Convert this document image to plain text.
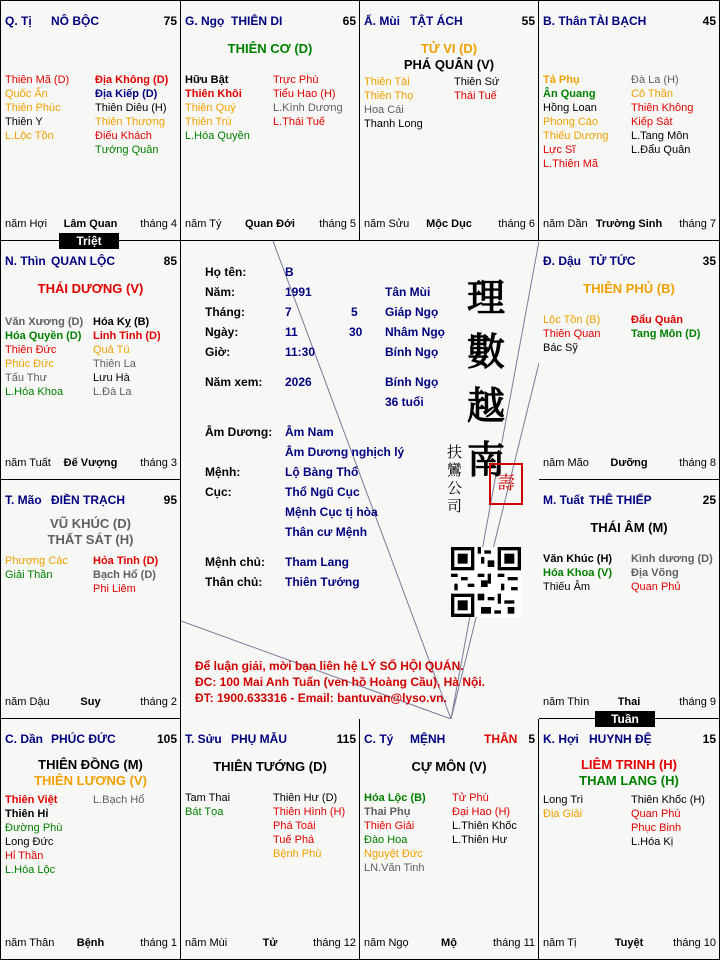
Q. Tị NÔ BỘC	75
Thiên Mã (D)
Quốc Ấn
Thiên Phúc
Thiên Y
L.Lộc Tồn
Địa Không (D)
Địa Kiếp (D)
Thiên Diêu (H)
Thiên Thương
Điếu Khách
Tướng Quân
năm Hợi	Lâm Quan	tháng 4
G. Ngọ THIÊN DI	65
THIÊN CƠ (D)
Hữu Bật
Thiên Khôi
Thiên Quý
Thiên Trù
L.Hóa Quyền
Trực Phù
Tiểu Hao (H)
L.Kình Dương
L.Thái Tuế
năm Tý	Quan Đới	tháng 5
Ấ. Mùi TẬT ÁCH	55
TỬ VI (D)
PHÁ QUÂN (V)
Thiên Tài
Thiên Thọ
Hoa Cái
Thanh Long
Thiên Sứ
Thái Tuế
năm Sửu	Mộc Dục	tháng 6
B. Thân TÀI BẠCH	45
Tả Phụ
Ân Quang
Hồng Loan
Phong Cáo
Thiếu Dương
Lực Sĩ
L.Thiên Mã
Đà La (H)
Cô Thần
Thiên Không
Kiếp Sát
L.Tang Môn
L.Đẩu Quân
năm Dần Trường Sinh	tháng 7
N. Thìn QUAN LỘC	85
THÁI DƯƠNG (V)
Văn Xương (D)
Hóa Quyền (D)
Thiên Đức
Phúc Đức
Tấu Thư
L.Hóa Khoa
Hóa Kỵ (B)
Linh Tinh (D)
Quả Tú
Thiên La
Lưu Hà
L.Đà La
năm Tuất	Đế Vượng	tháng 3
Triệt
Đ. Dậu TỬ TỨC	35
THIÊN PHỦ (B)
Lộc Tồn (B)
Thiên Quan
Bác Sỹ
Đẩu Quân
Tang Môn (D)
năm Mão	Dưỡng	tháng 8
T. Mão ĐIỀN TRẠCH	95
VŨ KHÚC (D)
THẤT SÁT (H)
Phượng Các
Giải Thần
Hỏa Tinh (D)
Bạch Hổ (D)
Phi Liêm
năm Dậu	Suy	tháng 2
M. Tuất THÊ THIẾP	25
THÁI ÂM (M)
Văn Khúc (H)
Hóa Khoa (V)
Thiếu Âm
Kình dương (D)
Địa Võng
Quan Phủ
năm Thìn	Thai	tháng 9
Tuần
C. Dần PHÚC ĐỨC	105
THIÊN ĐỒNG (M)
THIÊN LƯƠNG (V)
Thiên Việt
Thiên Hỉ
Đường Phù
Long Đức
Hỉ Thần
L.Hóa Lộc
L.Bạch Hổ
năm Thân	Bệnh	tháng 1
T. Sửu PHỤ MẪU	115
THIÊN TƯỚNG (D)
Tam Thai
Bát Tọa
Thiên Hư (D)
Thiên Hình (H)
Phá Toái
Tuế Phá
Bệnh Phù
năm Mùi	Tử	tháng 12
C. Tý MỆNH	THÂN 5
CỰ MÔN (V)
Hóa Lộc (B)
Thai Phụ
Thiên Giải
Đào Hoa
Nguyệt Đức
LN.Văn Tinh
Tử Phù
Đại Hao (H)
L.Thiên Khốc
L.Thiên Hư
năm Ngọ	Mộ	tháng 11
K. Hợi HUYNH ĐỆ	15
LIÊM TRINH (H)
THAM LANG (H)
Long Trì
Địa Giải
Thiên Khốc (H)
Quan Phù
Phục Binh
L.Hóa Kị
năm Tị	Tuyệt	tháng 10
Họ tên:	B
Năm:	1991	Tân Mùi
Tháng:	7	5 Giáp Ngọ
Ngày:	11	30 Nhâm Ngọ
Giờ:	11:30	Bính Ngọ
Năm xem: 2026	Bính Ngọ
36 tuổi
Âm Dương: Âm Nam
Âm Dương nghịch lý
Mệnh:	Lộ Bàng Thổ
Cục:	Thổ Ngũ Cục
Mệnh Cục tị hòa
Thân cư Mệnh
Mệnh chủ: Tham Lang
Thân chủ: Thiên Tướng
理數越南
扶鸞公司
壽
Để luận giải, mời bạn liên hệ LÝ SỐ HỘI QUÁN.
ĐC: 100 Mai Anh Tuấn (ven hồ Hoàng Cầu), Hà Nội.
ĐT: 1900.633316 - Email: bantuvan@lyso.vn.
